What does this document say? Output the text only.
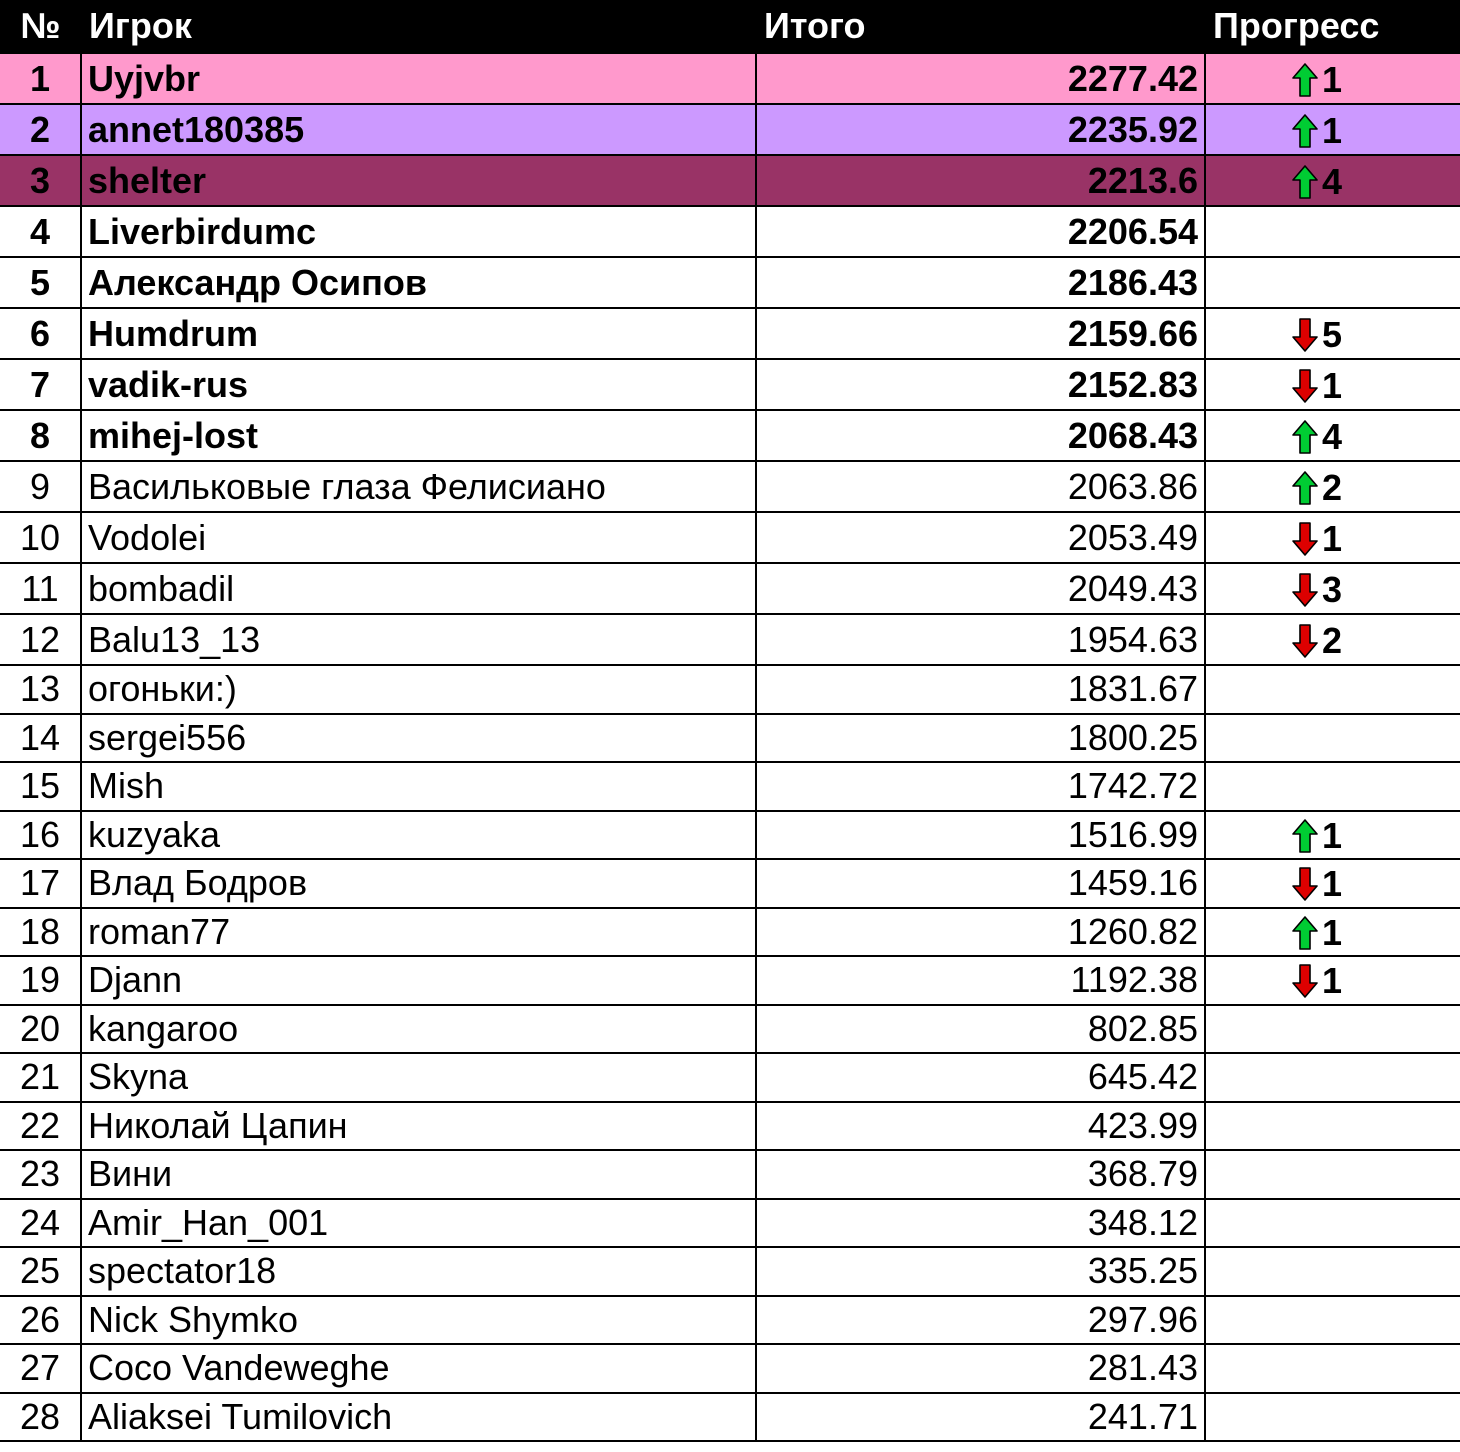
№	Игрок	Итого	Прогресс
1	Uyjvbr	2277.42	1
2	annet180385	2235.92	1
3	shelter	2213.6	4
4	Liverbirdumc	2206.54	
5	Александр Осипов	2186.43	
6	Humdrum	2159.66	5
7	vadik-rus	2152.83	1
8	mihej-lost	2068.43	4
9	Васильковые глаза Фелисиано	2063.86	2
10	Vodolei	2053.49	1
11	bombadil	2049.43	3
12	Balu13_13	1954.63	2
13	огоньки:)	1831.67	
14	sergei556	1800.25	
15	Mish	1742.72	
16	kuzyaka	1516.99	1
17	Влад Бодров	1459.16	1
18	roman77	1260.82	1
19	Djann	1192.38	1
20	kangaroo	802.85	
21	Skyna	645.42	
22	Николай Цапин	423.99	
23	Вини	368.79	
24	Amir_Han_001	348.12	
25	spectator18	335.25	
26	Nick Shymko	297.96	
27	Coco Vandeweghe	281.43	
28	Aliaksei Tumilovich	241.71	
